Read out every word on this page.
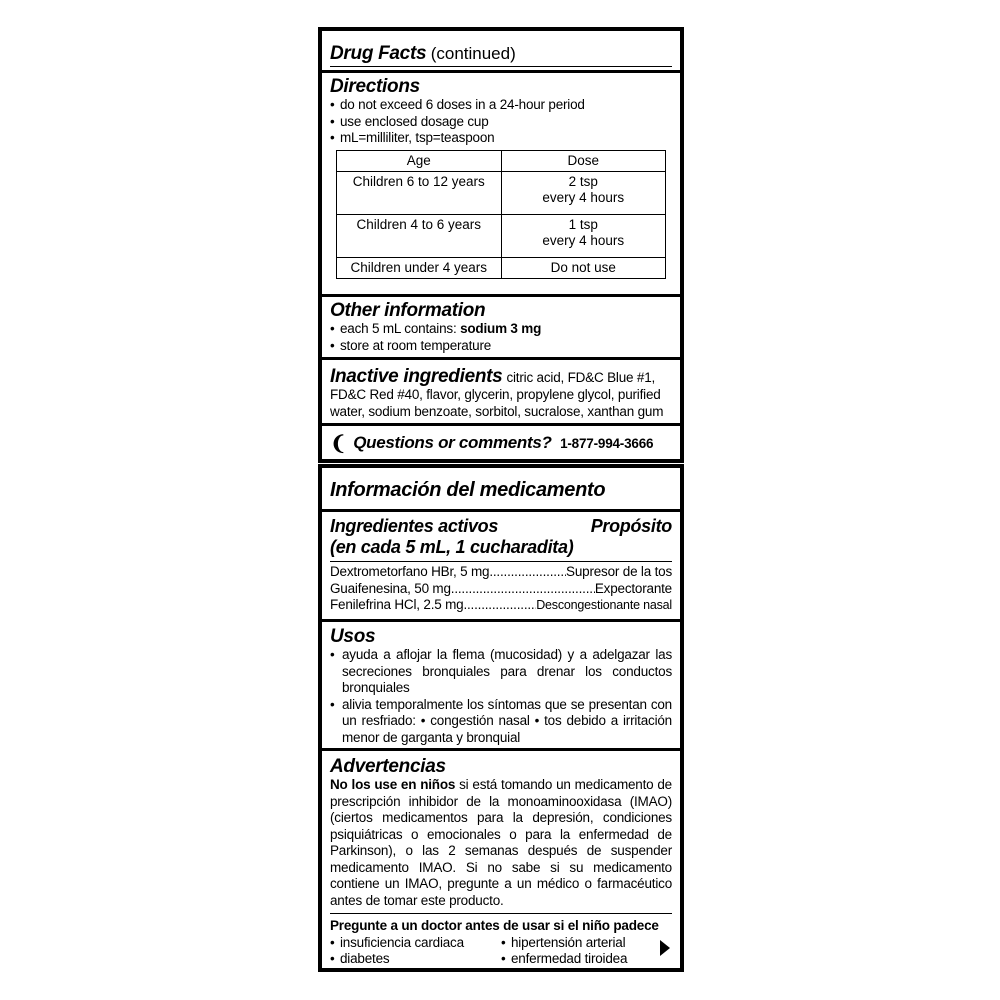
Drug Facts (continued)
Directions
• do not exceed 6 doses in a 24-hour period
• use enclosed dosage cup
• mL=milliliter, tsp=teaspoon
Age	Dose
Children 6 to 12 years	2 tsp
every 4 hours

Children 4 to 6 years	1 tsp
every 4 hours

Children under 4 years	Do not use
Other information
• each 5 mL contains: sodium 3 mg
• store at room temperature
Inactive ingredients citric acid, FD&C Blue #1, FD&C Red #40, flavor, glycerin, propylene glycol, purified water, sodium benzoate, sorbitol, sucralose, xanthan gum
❨ Questions or comments? 1-877-994-3666
Información del medicamento
Ingredientes activos	Propósito
(en cada 5 mL, 1 cucharadita)
Dextrometorfano HBr, 5 mg .....	Supresor de la tos
Guaifenesina, 50 mg .....	Expectorante
Fenilefrina HCl, 2.5 mg .....	Descongestionante nasal
Usos
• ayuda a aflojar la flema (mucosidad) y a adelgazar las secreciones bronquiales para drenar los conductos bronquiales
• alivia temporalmente los síntomas que se presentan con un resfriado: • congestión nasal • tos debido a irritación menor de garganta y bronquial
Advertencias
No los use en niños si está tomando un medicamento de prescripción inhibidor de la monoaminooxidasa (IMAO) (ciertos medicamentos para la depresión, condiciones psiquiátricas o emocionales o para la enfermedad de Parkinson), o las 2 semanas después de suspender medicamento IMAO. Si no sabe si su medicamento contiene un IMAO, pregunte a un médico o farmacéutico antes de tomar este producto.
Pregunte a un doctor antes de usar si el niño padece
• insuficiencia cardiaca	• hipertensión arterial
• diabetes	• enfermedad tiroidea
